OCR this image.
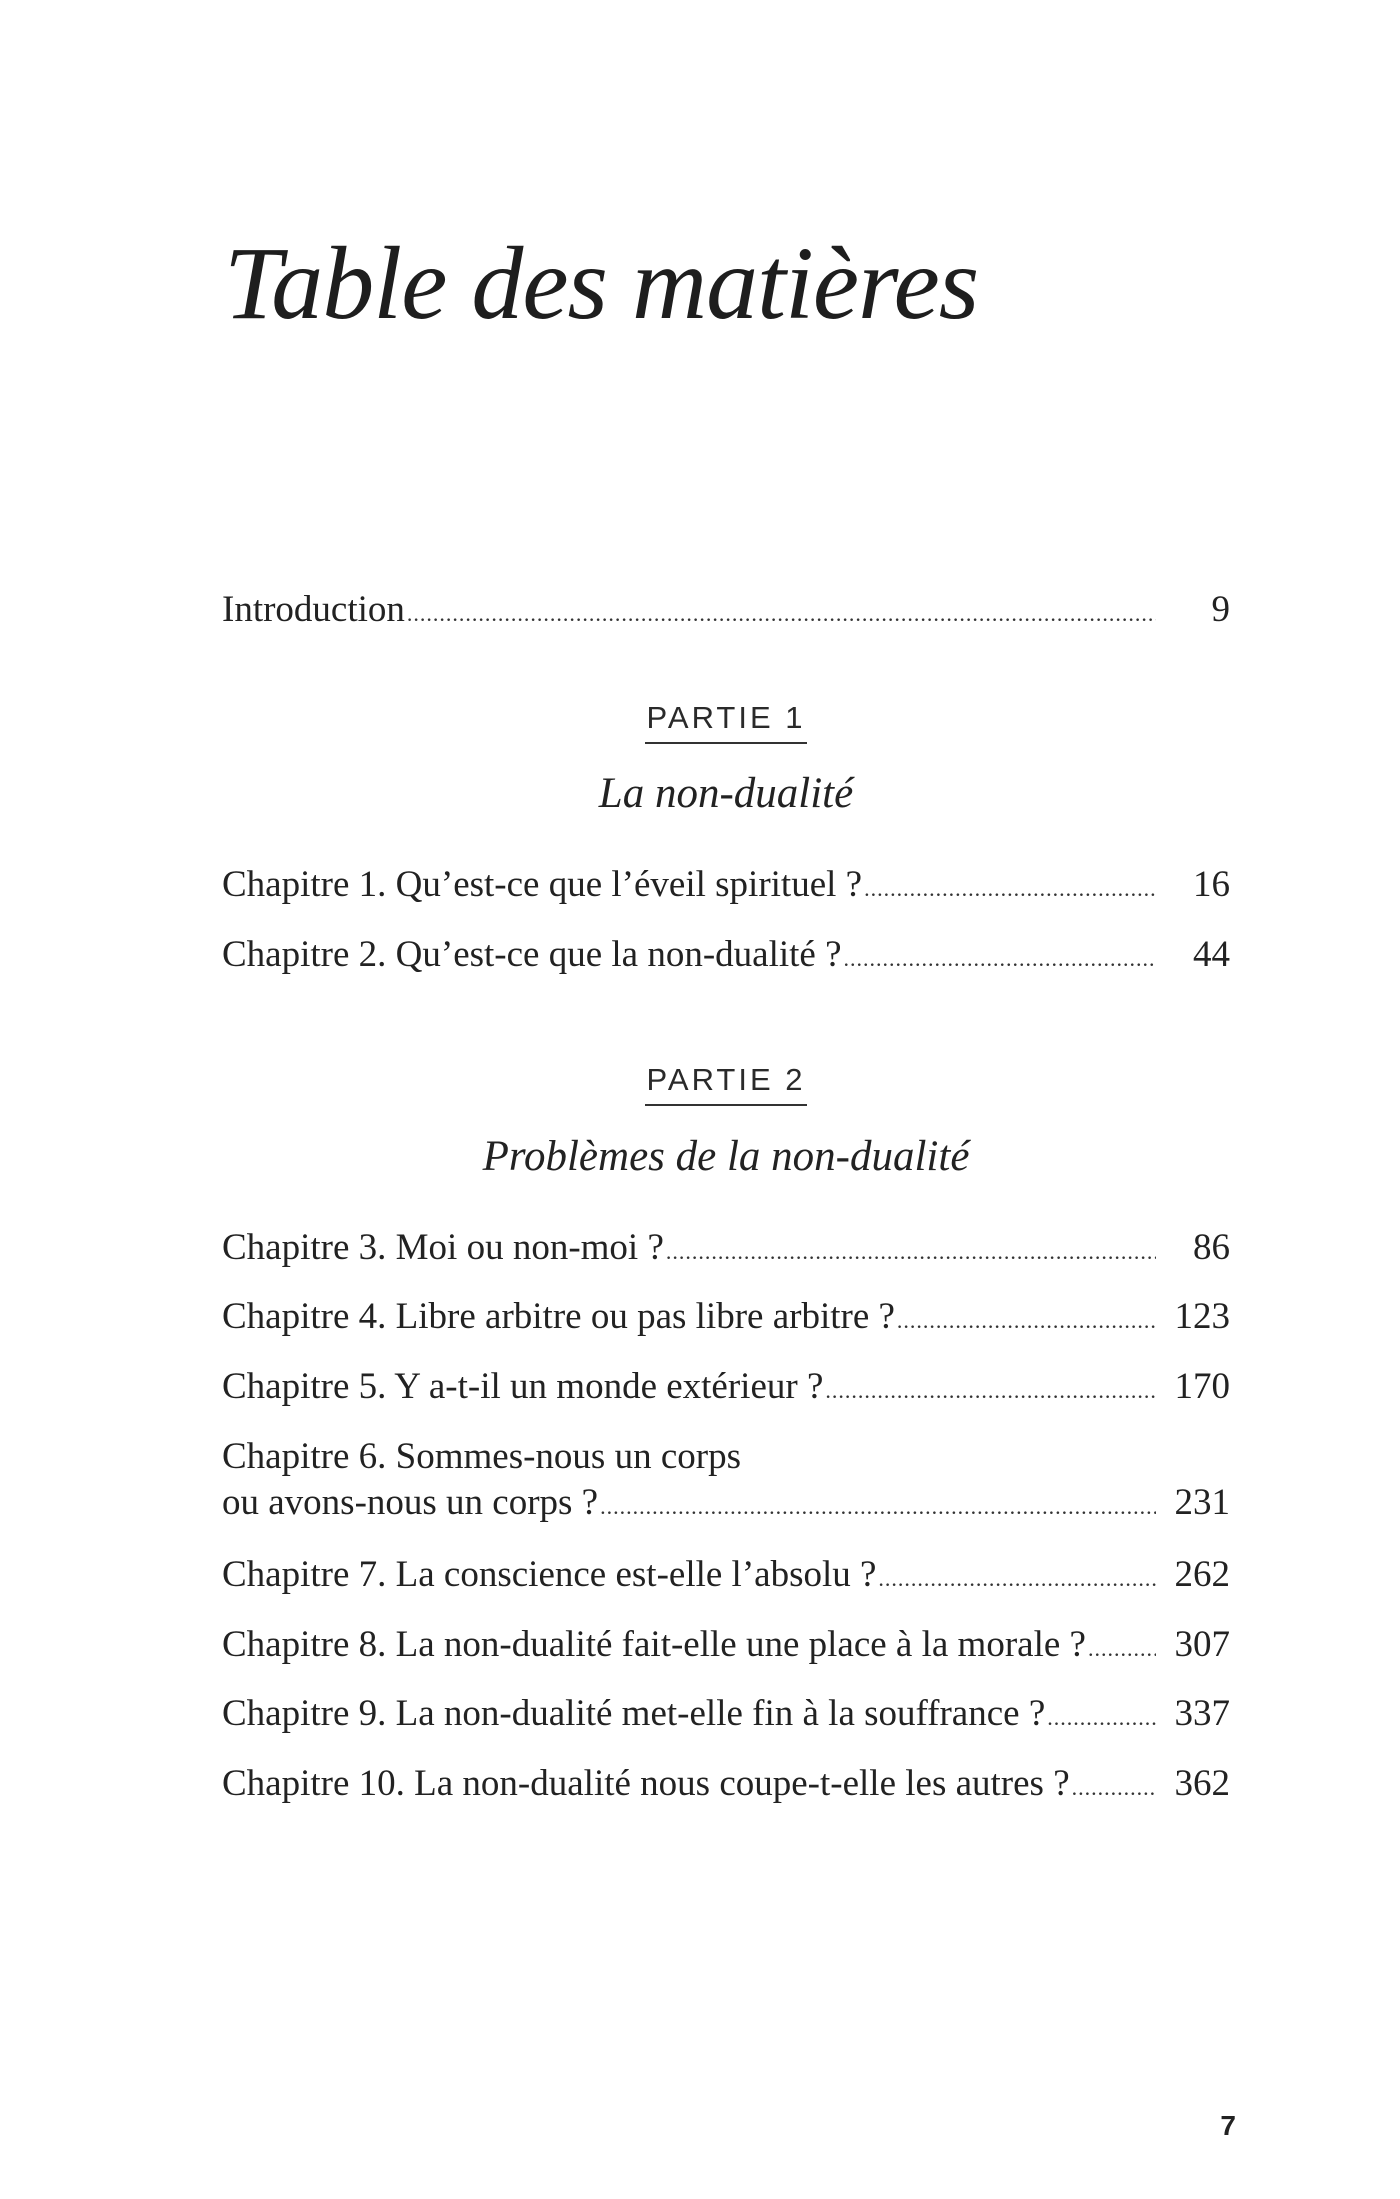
Table des matières
Introduction .....	9
PARTIE 1
La non-dualité
Chapitre 1. Qu’est-ce que l’éveil spirituel ? .....	16
Chapitre 2. Qu’est-ce que la non-dualité ? .....	44
PARTIE 2
Problèmes de la non-dualité
Chapitre 3. Moi ou non-moi ? .....	86
Chapitre 4. Libre arbitre ou pas libre arbitre ? .....	123
Chapitre 5. Y a-t-il un monde extérieur ? .....	170
Chapitre 6. Sommes-nous un corps
ou avons-nous un corps ? .....	231
Chapitre 7. La conscience est-elle l’absolu ? .....	262
Chapitre 8. La non-dualité fait-elle une place à la morale ? ..... 307
Chapitre 9. La non-dualité met-elle fin à la souffrance ? .....	337
Chapitre 10. La non-dualité nous coupe-t-elle les autres ? .....	362
7
